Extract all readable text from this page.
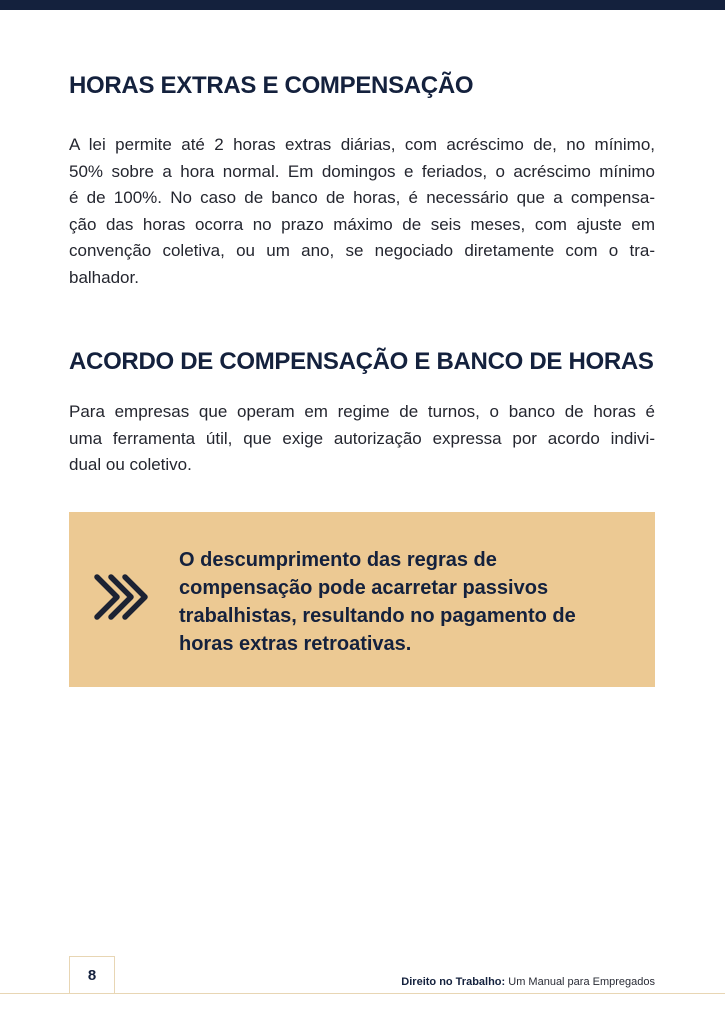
HORAS EXTRAS E COMPENSAÇÃO

A lei permite até 2 horas extras diárias, com acréscimo de, no mínimo,
50% sobre a hora normal. Em domingos e feriados, o acréscimo mínimo
é de 100%. No caso de banco de horas, é necessário que a compensa-
ção das horas ocorra no prazo máximo de seis meses, com ajuste em
convenção coletiva, ou um ano, se negociado diretamente com o tra-
balhador.

ACORDO DE COMPENSAÇÃO E BANCO DE HORAS

Para empresas que operam em regime de turnos, o banco de horas é
uma ferramenta útil, que exige autorização expressa por acordo indivi-
dual ou coletivo.

O descumprimento das regras de
compensação pode acarretar passivos
trabalhistas, resultando no pagamento de
horas extras retroativas.

8	Direito no Trabalho: Um Manual para Empregados
